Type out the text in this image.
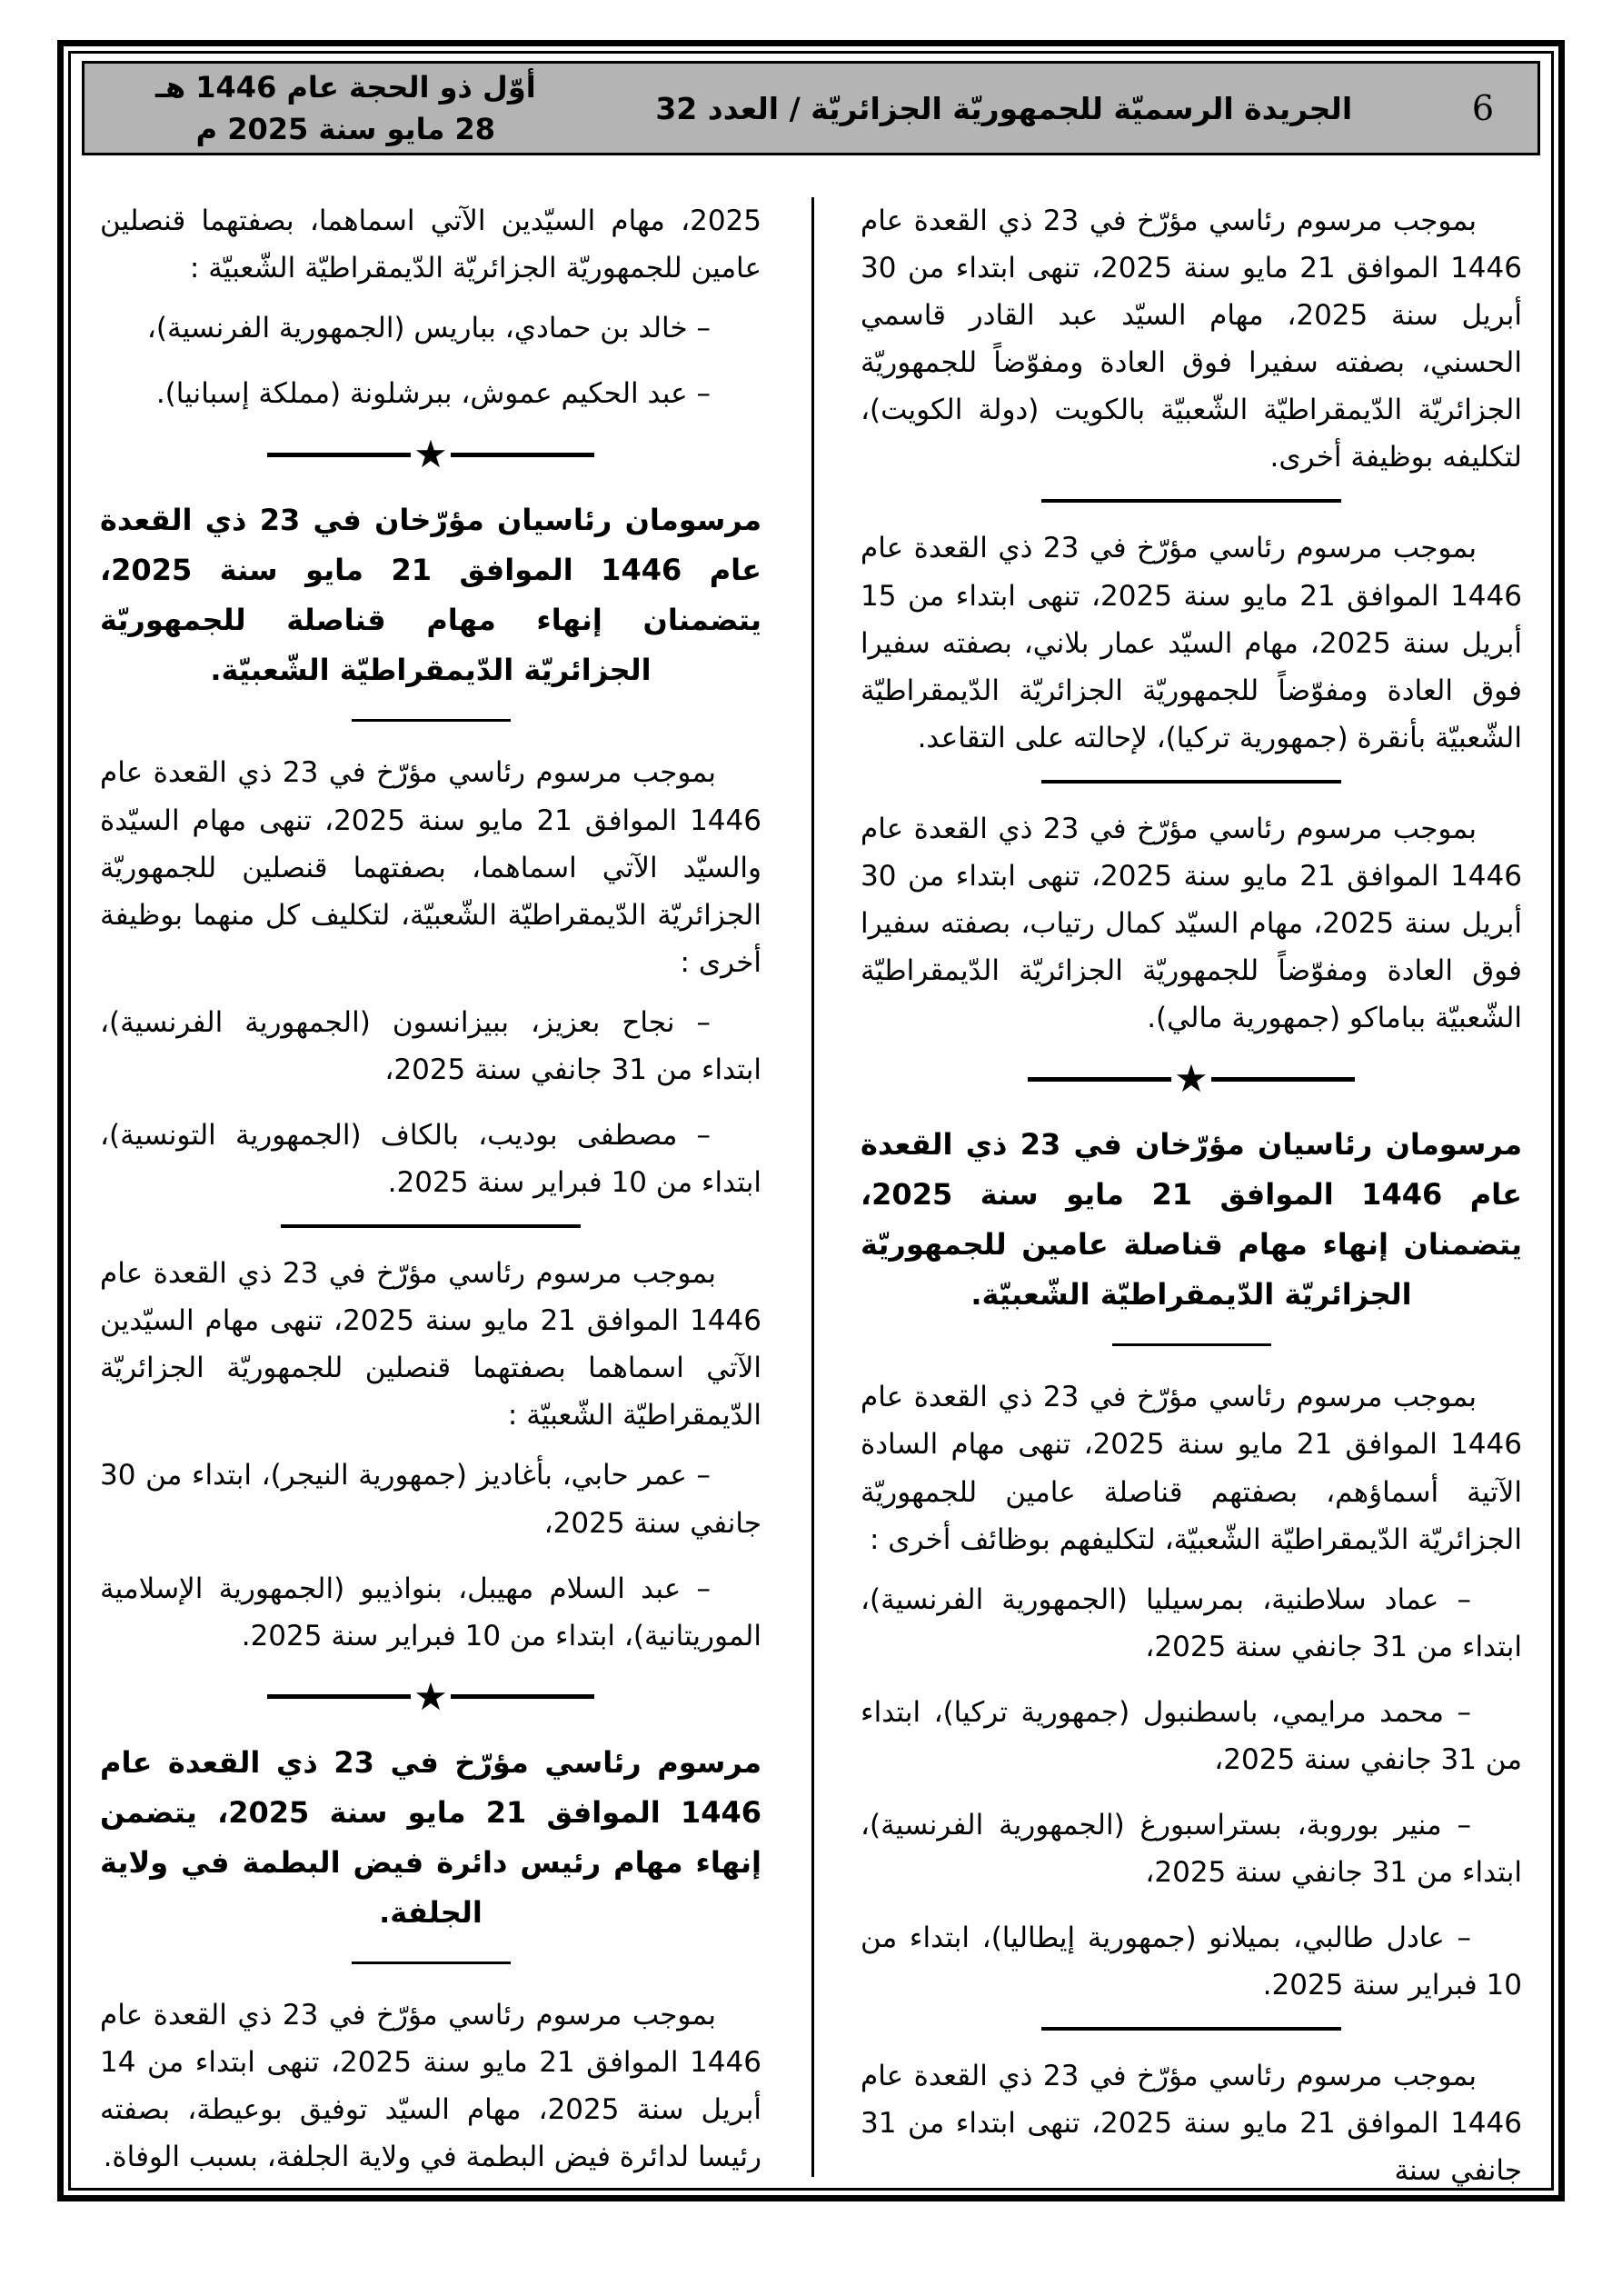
أوّل ذو الحجة عام 1446 هـ
28 مايو سنة 2025 م
الجريدة الرسميّة للجمهوريّة الجزائريّة / العدد 32	6

بموجب مرسوم رئاسي مؤرّخ في 23 ذي القعدة عام 1446 الموافق 21 مايو سنة 2025، تنهى ابتداء من 30 أبريل سنة 2025، مهام السيّد عبد القادر قاسمي الحسني، بصفته سفيرا فوق العادة ومفوّضاً للجمهوريّة الجزائريّة الدّيمقراطيّة الشّعبيّة بالكويت (دولة الكويت)، لتكليفه بوظيفة أخرى.

بموجب مرسوم رئاسي مؤرّخ في 23 ذي القعدة عام 1446 الموافق 21 مايو سنة 2025، تنهى ابتداء من 15 أبريل سنة 2025، مهام السيّد عمار بلاني، بصفته سفيرا فوق العادة ومفوّضاً للجمهوريّة الجزائريّة الدّيمقراطيّة الشّعبيّة بأنقرة (جمهورية تركيا)، لإحالته على التقاعد.

بموجب مرسوم رئاسي مؤرّخ في 23 ذي القعدة عام 1446 الموافق 21 مايو سنة 2025، تنهى ابتداء من 30 أبريل سنة 2025، مهام السيّد كمال رتياب، بصفته سفيرا فوق العادة ومفوّضاً للجمهوريّة الجزائريّة الدّيمقراطيّة الشّعبيّة بباماكو (جمهورية مالي).

★

مرسومان رئاسيان مؤرّخان في 23 ذي القعدة عام 1446 الموافق 21 مايو سنة 2025، يتضمنان إنهاء مهام قناصلة عامين للجمهوريّة الجزائريّة الدّيمقراطيّة الشّعبيّة.

بموجب مرسوم رئاسي مؤرّخ في 23 ذي القعدة عام 1446 الموافق 21 مايو سنة 2025، تنهى مهام السادة الآتية أسماؤهم، بصفتهم قناصلة عامين للجمهوريّة الجزائريّة الدّيمقراطيّة الشّعبيّة، لتكليفهم بوظائف أخرى :

– عماد سلاطنية، بمرسيليا (الجمهورية الفرنسية)، ابتداء من 31 جانفي سنة 2025،

– محمد مرايمي، باسطنبول (جمهورية تركيا)، ابتداء من 31 جانفي سنة 2025،

– منير بوروبة، بستراسبورغ (الجمهورية الفرنسية)، ابتداء من 31 جانفي سنة 2025،

– عادل طالبي، بميلانو (جمهورية إيطاليا)، ابتداء من 10 فبراير سنة 2025.

بموجب مرسوم رئاسي مؤرّخ في 23 ذي القعدة عام 1446 الموافق 21 مايو سنة 2025، تنهى ابتداء من 31 جانفي سنة

2025، مهام السيّدين الآتي اسماهما، بصفتهما قنصلين عامين للجمهوريّة الجزائريّة الدّيمقراطيّة الشّعبيّة :

– خالد بن حمادي، بباريس (الجمهورية الفرنسية)،

– عبد الحكيم عموش، ببرشلونة (مملكة إسبانيا).

★

مرسومان رئاسيان مؤرّخان في 23 ذي القعدة عام 1446 الموافق 21 مايو سنة 2025، يتضمنان إنهاء مهام قناصلة للجمهوريّة الجزائريّة الدّيمقراطيّة الشّعبيّة.

بموجب مرسوم رئاسي مؤرّخ في 23 ذي القعدة عام 1446 الموافق 21 مايو سنة 2025، تنهى مهام السيّدة والسيّد الآتي اسماهما، بصفتهما قنصلين للجمهوريّة الجزائريّة الدّيمقراطيّة الشّعبيّة، لتكليف كل منهما بوظيفة أخرى :

– نجاح بعزيز، ببيزانسون (الجمهورية الفرنسية)، ابتداء من 31 جانفي سنة 2025،

– مصطفى بوديب، بالكاف (الجمهورية التونسية)، ابتداء من 10 فبراير سنة 2025.

بموجب مرسوم رئاسي مؤرّخ في 23 ذي القعدة عام 1446 الموافق 21 مايو سنة 2025، تنهى مهام السيّدين الآتي اسماهما بصفتهما قنصلين للجمهوريّة الجزائريّة الدّيمقراطيّة الشّعبيّة :

– عمر حابي، بأغاديز (جمهورية النيجر)، ابتداء من 30 جانفي سنة 2025،

– عبد السلام مهيبل، بنواذيبو (الجمهورية الإسلامية الموريتانية)، ابتداء من 10 فبراير سنة 2025.

★

مرسوم رئاسي مؤرّخ في 23 ذي القعدة عام 1446 الموافق 21 مايو سنة 2025، يتضمن إنهاء مهام رئيس دائرة فيض البطمة في ولاية الجلفة.

بموجب مرسوم رئاسي مؤرّخ في 23 ذي القعدة عام 1446 الموافق 21 مايو سنة 2025، تنهى ابتداء من 14 أبريل سنة 2025، مهام السيّد توفيق بوعيطة، بصفته رئيسا لدائرة فيض البطمة في ولاية الجلفة، بسبب الوفاة.
